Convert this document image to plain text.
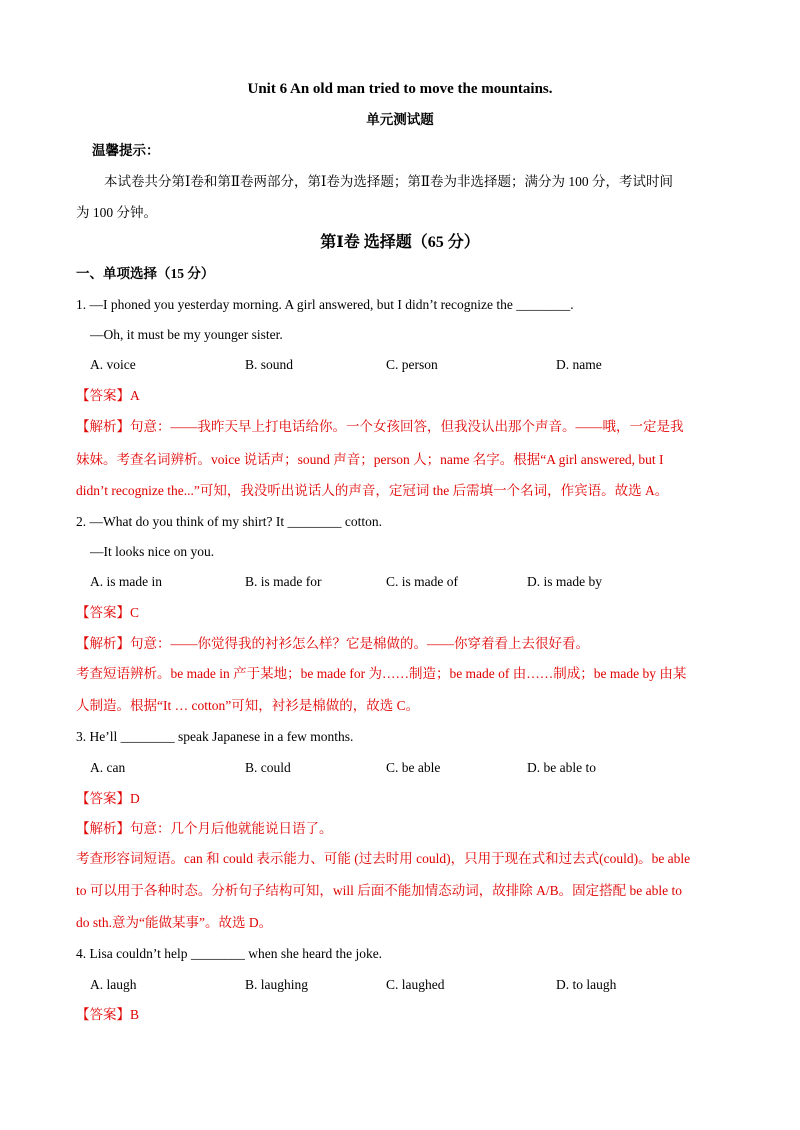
Unit 6 An old man tried to move the mountains.
单元测试题
温馨提示：
本试卷共分第Ⅰ卷和第Ⅱ卷两部分，第Ⅰ卷为选择题；第Ⅱ卷为非选择题；满分为 100 分，考试时间
为 100 分钟。
第Ⅰ卷 选择题（65 分）
一、单项选择（15 分）
1. —I phoned you yesterday morning. A girl answered, but I didn’t recognize the ________.
—Oh, it must be my younger sister.
A. voice	B. sound	C. person	D. name
【答案】A
【解析】句意：——我昨天早上打电话给你。一个女孩回答，但我没认出那个声音。——哦，一定是我
妹妹。考查名词辨析。voice 说话声；sound 声音；person 人；name 名字。根据“A girl answered, but I
didn’t recognize the...”可知，我没听出说话人的声音，定冠词 the 后需填一个名词，作宾语。故选 A。
2. —What do you think of my shirt? It ________ cotton.
—It looks nice on you.
A. is made in	B. is made for	C. is made of	D. is made by
【答案】C
【解析】句意：——你觉得我的衬衫怎么样？它是棉做的。——你穿着看上去很好看。
考查短语辨析。be made in 产于某地；be made for 为……制造；be made of 由……制成；be made by 由某
人制造。根据“It … cotton”可知，衬衫是棉做的，故选 C。
3. He’ll ________ speak Japanese in a few months.
A. can	B. could	C. be able	D. be able to
【答案】D
【解析】句意：几个月后他就能说日语了。
考查形容词短语。can 和 could 表示能力、可能 (过去时用 could)，只用于现在式和过去式(could)。be able
to 可以用于各种时态。分析句子结构可知，will 后面不能加情态动词，故排除 A/B。固定搭配 be able to
do sth.意为“能做某事”。故选 D。
4. Lisa couldn’t help ________ when she heard the joke.
A. laugh	B. laughing	C. laughed	D. to laugh
【答案】B
